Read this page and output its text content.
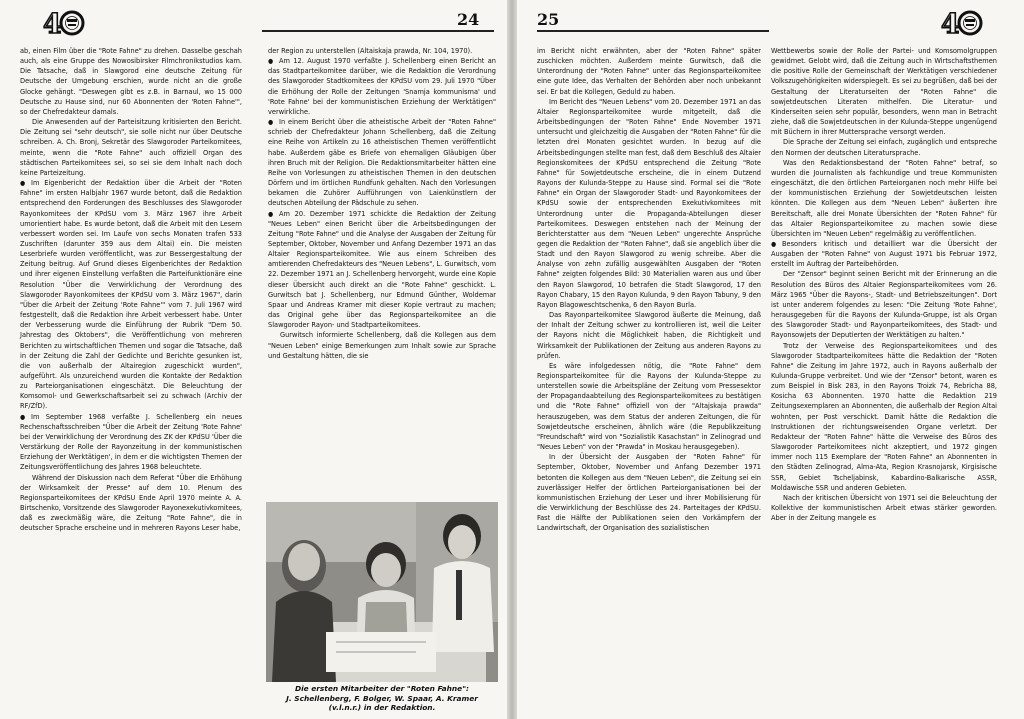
4	24

ab, einen Film über die "Rote Fahne" zu drehen. Dasselbe geschah auch, als eine Gruppe des Nowosibirsker Filmchronikstudios kam. Die Tatsache, daß in Slawgorod eine deutsche Zeitung für Deutsche der Umgebung erschien, wurde nicht an die große Glocke gehängt. "Deswegen gibt es z.B. in Barnaul, wo 15 000 Deutsche zu Hause sind, nur 60 Abonnenten der 'Roten Fahne'", so der Chefredakteur damals.

Die Anwesenden auf der Parteisitzung kritisierten den Bericht. Die Zeitung sei "sehr deutsch", sie solle nicht nur über Deutsche schreiben. A. Ch. Bronj, Sekretär des Slawgoroder Parteikomitees, meinte, wenn die "Rote Fahne" auch offiziell Organ des städtischen Parteikomitees sei, so sei sie dem Inhalt nach doch keine Parteizeitung.

● Im Eigenbericht der Redaktion über die Arbeit der "Roten Fahne" im ersten Halbjahr 1967 wurde betont, daß die Redaktion entsprechend den Forderungen des Beschlusses des Slawgoroder Rayonkomitees der KPdSU vom 3. März 1967 ihre Arbeit umorientiert habe. Es wurde betont, daß die Arbeit mit den Lesern verbessert worden sei. Im Laufe von sechs Monaten trafen 533 Zuschriften (darunter 359 aus dem Altai) ein. Die meisten Leserbriefe wurden veröffentlicht, was zur Bessergestaltung der Zeitung beitrug. Auf Grund dieses Eigenberichtes der Redaktion und ihrer eigenen Einstellung verfaßten die Parteifunktionäre eine Resolution "Über die Verwirklichung der Verordnung des Slawgoroder Rayonkomitees der KPdSU vom 3. März 1967", darin "Über die Arbeit der Zeitung 'Rote Fahne'" vom 7. Juli 1967 wird festgestellt, daß die Redaktion ihre Arbeit verbessert habe. Unter der Verbesserung wurde die Einführung der Rubrik "Dem 50. Jahrestag des Oktobers", die Veröffentlichung von mehreren Berichten zu wirtschaftlichen Themen und sogar die Tatsache, daß in der Zeitung die Zahl der Gedichte und Berichte gesunken ist, die von außerhalb der Altairegion zugeschickt wurden", aufgeführt. Als unzureichend wurden die Kontakte der Redaktion zu Parteiorganisationen eingeschätzt. Die Beleuchtung der Komsomol- und Gewerkschaftsarbeit sei zu schwach (Archiv der RF/ZfD).

● Im September 1968 verfaßte J. Schellenberg ein neues Rechenschaftsschreiben "Über die Arbeit der Zeitung 'Rote Fahne' bei der Verwirklichung der Verordnung des ZK der KPdSU 'Über die Verstärkung der Rolle der Rayonzeitung in der kommunistischen Erziehung der Werktätigen', in dem er die wichtigsten Themen der Zeitungsveröffentlichung des Jahres 1968 beleuchtete.

Während der Diskussion nach dem Referat "Über die Erhöhung der Wirksamkeit der Presse" auf dem 10. Plenum des Regionsparteikomitees der KPdSU Ende April 1970 meinte A. A. Birtschenko, Vorsitzende des Slawgoroder Rayonexekutivkomitees, daß es zweckmäßig wäre, die Zeitung "Rote Fahne", die in deutscher Sprache erscheine und in mehreren Rayons Leser habe,

der Region zu unterstellen (Altaiskaja prawda, Nr. 104, 1970).

● Am 12. August 1970 verfaßte J. Schellenberg einen Bericht an das Stadtparteikomitee darüber, wie die Redaktion die Verordnung des Slawgoroder Stadtkomitees der KPdSU vom 29. Juli 1970 "Über die Erhöhung der Rolle der Zeitungen 'Snamja kommunisma' und 'Rote Fahne' bei der kommunistischen Erziehung der Werktätigen" verwirkliche.

● In einem Bericht über die atheistische Arbeit der "Roten Fahne" schrieb der Chefredakteur Johann Schellenberg, daß die Zeitung eine Reihe von Artikeln zu 16 atheistischen Themen veröffentlicht habe. Außerdem gäbe es Briefe von ehemaligen Gläubigen über ihren Bruch mit der Religion. Die Redaktionsmitarbeiter hätten eine Reihe von Vorlesungen zu atheistischen Themen in den deutschen Dörfern und im örtlichen Rundfunk gehalten. Nach den Vorlesungen bekamen die Zuhörer Aufführungen von Laienkünstlern der deutschen Abteilung der Pädschule zu sehen.

● Am 20. Dezember 1971 schickte die Redaktion der Zeitung "Neues Leben" einen Bericht über die Arbeitsbedingungen der Zeitung "Rote Fahne" und die Analyse der Ausgaben der Zeitung für September, Oktober, November und Anfang Dezember 1971 an das Altaier Regionsparteikomitee. Wie aus einem Schreiben des amtierenden Chefredakteurs des "Neuen Lebens", L. Gurwitsch, vom 22. Dezember 1971 an J. Schellenberg hervorgeht, wurde eine Kopie dieser Übersicht auch direkt an die "Rote Fahne" geschickt. L. Gurwitsch bat J. Schellenberg, nur Edmund Günther, Woldemar Spaar und Andreas Kramer mit dieser Kopie vertraut zu machen; das Original gehe über das Regionsparteikomitee an die Slawgoroder Rayon- und Stadtparteikomitees.

Gurwitsch informierte Schellenberg, daß die Kollegen aus dem "Neuen Leben" einige Bemerkungen zum Inhalt sowie zur Sprache und Gestaltung hätten, die sie

Die ersten Mitarbeiter der "Roten Fahne":
J. Schellenberg, F. Bolger, W. Spaar, A. Kramer
(v.l.n.r.) in der Redaktion.
25	4

im Bericht nicht erwähnten, aber der "Roten Fahne" später zuschicken möchten. Außerdem meinte Gurwitsch, daß die Unterordnung der "Roten Fahne" unter das Regionsparteikomitee eine gute Idee, das Verhalten der Behörden aber noch unbekannt sei. Er bat die Kollegen, Geduld zu haben.

Im Bericht des "Neuen Lebens" vom 20. Dezember 1971 an das Altaier Regionsparteikomitee wurde mitgeteilt, daß die Arbeitsbedingungen der "Roten Fahne" Ende November 1971 untersucht und gleichzeitig die Ausgaben der "Roten Fahne" für die letzten drei Monaten gesichtet wurden. In bezug auf die Arbeitsbedingungen stellte man fest, daß dem Beschluß des Altaier Regionskomitees der KPdSU entsprechend die Zeitung "Rote Fahne" für Sowjetdeutsche erscheine, die in einem Dutzend Rayons der Kulunda-Steppe zu Hause sind. Formal sei die "Rote Fahne" ein Organ der Slawgoroder Stadt- und Rayonkomitees der KPdSU sowie der entsprechenden Exekutivkomitees mit Unterordnung unter die Propaganda-Abteilungen dieser Parteikomitees. Deswegen entstehen nach der Meinung der Berichterstatter aus dem "Neuen Leben" ungerechte Ansprüche gegen die Redaktion der "Roten Fahne", daß sie angeblich über die Stadt und den Rayon Slawgorod zu wenig schreibe. Aber die Analyse von zehn zufällig ausgewählten Ausgaben der "Roten Fahne" zeigten folgendes Bild: 30 Materialien waren aus und über den Rayon Slawgorod, 10 betrafen die Stadt Slawgorod, 17 den Rayon Chabary, 15 den Rayon Kulunda, 9 den Rayon Tabuny, 9 den Rayon Blagoweschtschenka, 6 den Rayon Burla.

Das Rayonparteikomitee Slawgorod äußerte die Meinung, daß der Inhalt der Zeitung schwer zu kontrollieren ist, weil die Leiter der Rayons nicht die Möglichkeit haben, die Richtigkeit und Wirksamkeit der Publikationen der Zeitung aus anderen Rayons zu prüfen.

Es wäre infolgedessen nötig, die "Rote Fahne" dem Regionsparteikomitee für die Rayons der Kulunda-Steppe zu unterstellen sowie die Arbeitspläne der Zeitung vom Pressesektor der Propagandaabteilung des Regionsparteikomitees zu bestätigen und die "Rote Fahne" offiziell von der "Altajskaja prawda" herauszugeben, was dem Status der anderen Zeitungen, die für Sowjetdeutsche erscheinen, ähnlich wäre (die Republikzeitung "Freundschaft" wird von "Sozialistik Kasachstan" in Zelinograd und "Neues Leben" von der "Prawda" in Moskau herausgegeben).

In der Übersicht der Ausgaben der "Roten Fahne" für September, Oktober, November und Anfang Dezember 1971 betonten die Kollegen aus dem "Neuen Leben", die Zeitung sei ein zuverlässiger Helfer der örtlichen Parteiorganisationen bei der kommunistischen Erziehung der Leser und ihrer Mobilisierung für die Verwirklichung der Beschlüsse des 24. Parteitages der KPdSU. Fast die Hälfte der Publikationen seien den Vorkämpfern der Landwirtschaft, der Organisation des sozialistischen

Wettbewerbs sowie der Rolle der Partei- und Komsomolgruppen gewidmet. Gelobt wird, daß die Zeitung auch in Wirtschaftsthemen die positive Rolle der Gemeinschaft der Werktätigen verschiedener Volkszugehörigkeiten widerspiegelt. Es sei zu begrüßen, daß bei der Gestaltung der Literaturseiten der "Roten Fahne" die sowjetdeutschen Literaten mithelfen. Die Literatur- und Kinderseiten seien sehr populär, besonders, wenn man in Betracht ziehe, daß die Sowjetdeutschen in der Kulunda-Steppe ungenügend mit Büchern in ihrer Muttersprache versorgt werden.

Die Sprache der Zeitung sei einfach, zugänglich und entspreche den Normen der deutschen Literatursprache.

Was den Redaktionsbestand der "Roten Fahne" betraf, so wurden die Journalisten als fachkundige und treue Kommunisten eingeschätzt, die den örtlichen Parteiorganen noch mehr Hilfe bei der kommunistischen Erziehung der Sowjetdeutschen leisten könnten. Die Kollegen aus dem "Neuen Leben" äußerten ihre Bereitschaft, alle drei Monate Übersichten der "Roten Fahne" für das Altaier Regionsparteikomitee zu machen sowie diese Übersichten im "Neuen Leben" regelmäßig zu veröffentlichen.

● Besonders kritisch und detailliert war die Übersicht der Ausgaben der "Roten Fahne" von August 1971 bis Februar 1972, erstellt im Auftrag der Parteibehörden.

Der "Zensor" beginnt seinen Bericht mit der Erinnerung an die Resolution des Büros des Altaier Regionsparteikomitees vom 26. März 1965 "Über die Rayons-, Stadt- und Betriebszeitungen". Dort ist unter anderem folgendes zu lesen: "Die Zeitung 'Rote Fahne', herausgegeben für die Rayons der Kulunda-Gruppe, ist als Organ des Slawgoroder Stadt- und Rayonparteikomitees, des Stadt- und Rayonsowjets der Deputierten der Werktätigen zu halten."

Trotz der Verweise des Regionsparteikomitees und des Slawgoroder Stadtparteikomitees hätte die Redaktion der "Roten Fahne" die Zeitung im Jahre 1972, auch in Rayons außerhalb der Kulunda-Gruppe verbreitet. Und wie der "Zensor" betont, waren es zum Beispiel in Bisk 283, in den Rayons Troizk 74, Rebricha 88, Kosicha 63 Abonnenten. 1970 hatte die Redaktion 219 Zeitungsexemplaren an Abonnenten, die außerhalb der Region Altai wohnten, per Post verschickt. Damit hätte die Redaktion die Instruktionen der richtungsweisenden Organe verletzt. Der Redakteur der "Roten Fahne" hätte die Verweise des Büros des Slawgoroder Parteikomitees nicht akzeptiert, und 1972 gingen immer noch 115 Exemplare der "Roten Fahne" an Abonnenten in den Städten Zelinograd, Alma-Ata, Region Krasnojarsk, Kirgisische SSR, Gebiet Tscheljabinsk, Kabardino-Balkarische ASSR, Moldawische SSR und anderen Gebieten.

Nach der kritischen Übersicht von 1971 sei die Beleuchtung der Kollektive der kommunistischen Arbeit etwas stärker geworden. Aber in der Zeitung mangele es
